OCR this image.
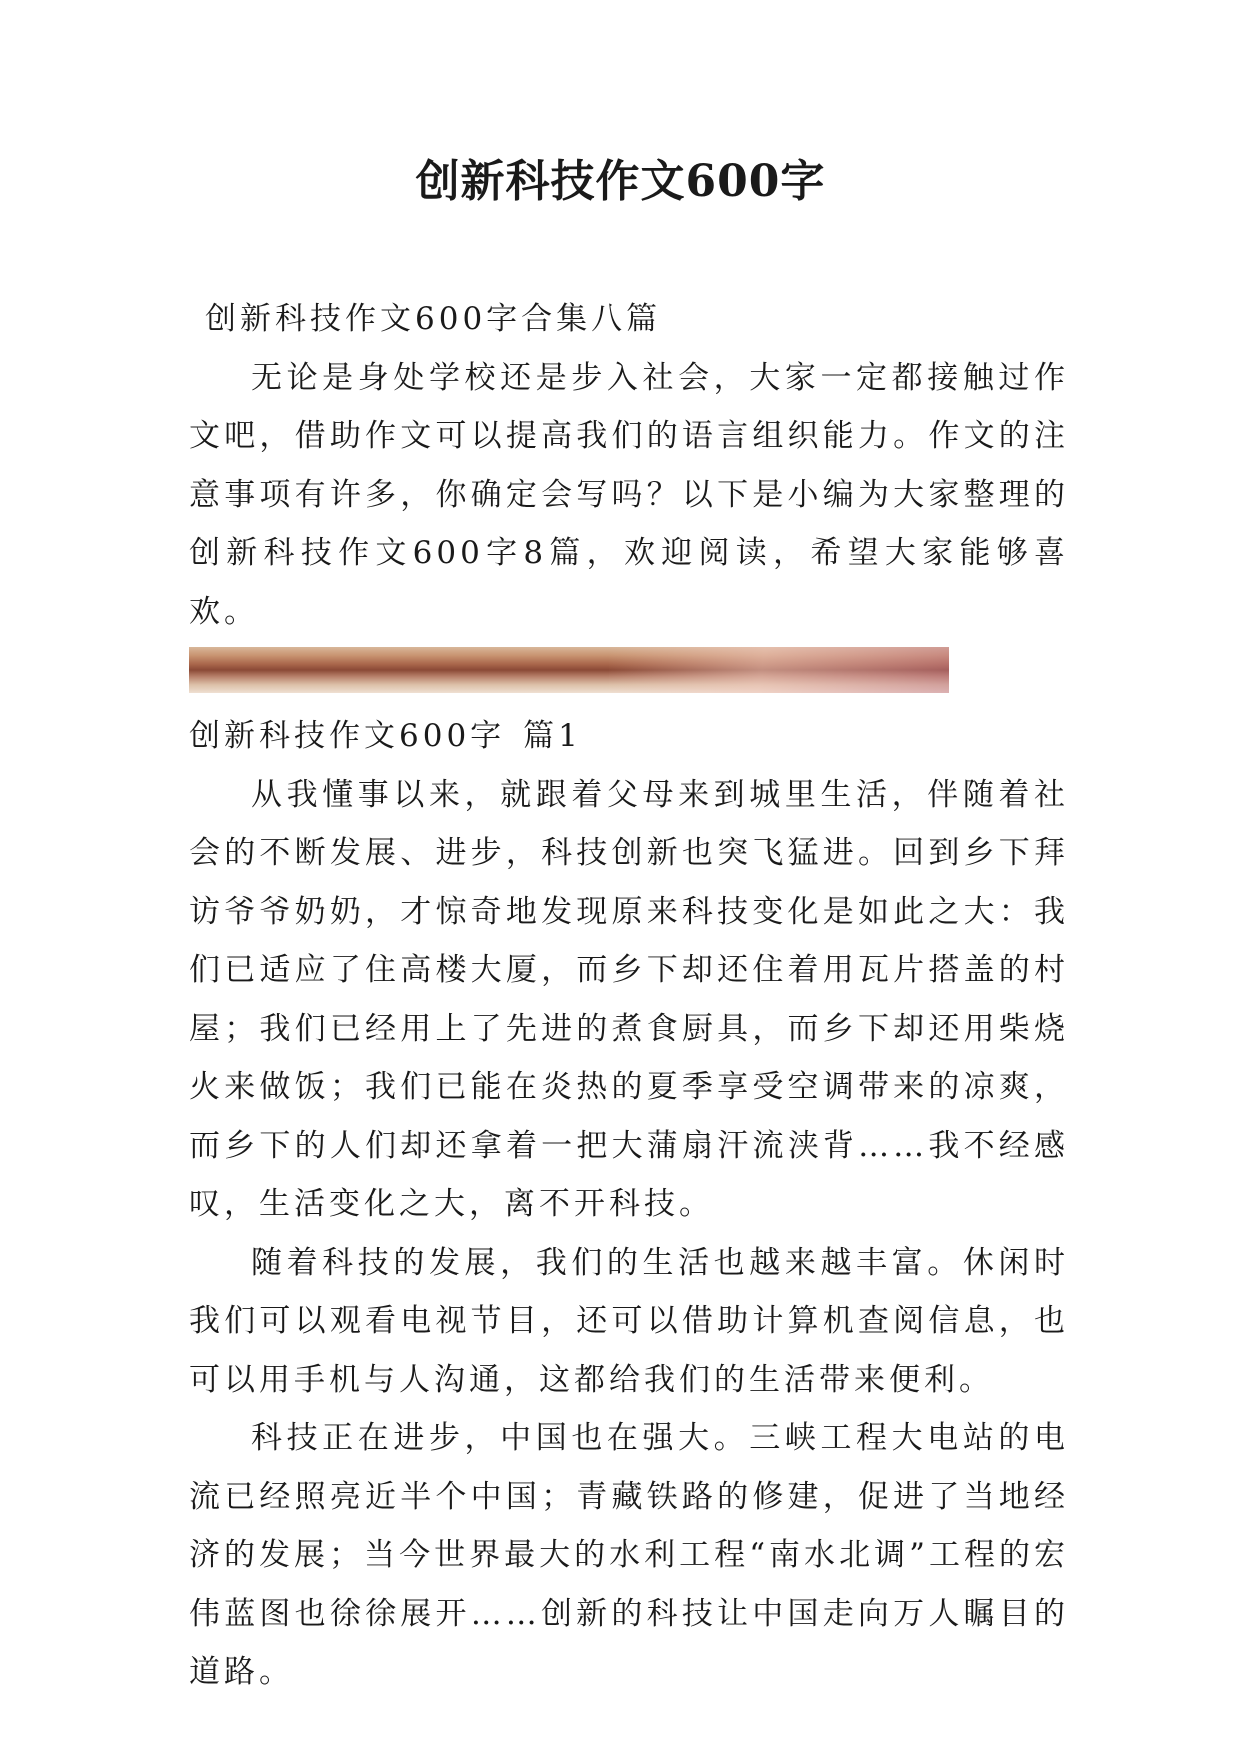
创新科技作文600字

创新科技作文600字合集八篇

无论是身处学校还是步入社会，大家一定都接触过作文吧，借助作文可以提高我们的语言组织能力。作文的注意事项有许多，你确定会写吗？以下是小编为大家整理的创新科技作文600字8篇，欢迎阅读，希望大家能够喜欢。

创新科技作文600字 篇1

从我懂事以来，就跟着父母来到城里生活，伴随着社会的不断发展、进步，科技创新也突飞猛进。回到乡下拜访爷爷奶奶，才惊奇地发现原来科技变化是如此之大：我们已适应了住高楼大厦，而乡下却还住着用瓦片搭盖的村屋；我们已经用上了先进的煮食厨具，而乡下却还用柴烧火来做饭；我们已能在炎热的夏季享受空调带来的凉爽，而乡下的人们却还拿着一把大蒲扇汗流浃背……我不经感叹，生活变化之大，离不开科技。

随着科技的发展，我们的生活也越来越丰富。休闲时我们可以观看电视节目，还可以借助计算机查阅信息，也可以用手机与人沟通，这都给我们的生活带来便利。

科技正在进步，中国也在强大。三峡工程大电站的电流已经照亮近半个中国；青藏铁路的修建，促进了当地经济的发展；当今世界最大的水利工程“南水北调”工程的宏伟蓝图也徐徐展开……创新的科技让中国走向万人瞩目的道路。
